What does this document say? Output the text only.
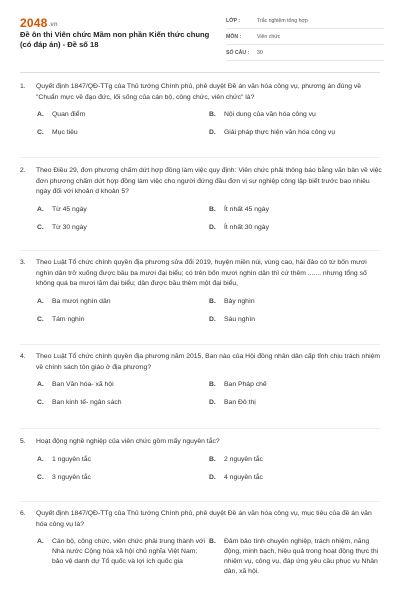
2048.vn
Đề ôn thi Viên chức Mầm non phần Kiến thức chung (có đáp án) - Đề số 18
LỚP :	Trắc nghiệm tổng hợp
MÔN :	Viên chức
SỐ CÂU :	30
1.	Quyết định 1847/QĐ-TTg của Thủ tướng Chính phủ, phê duyệt Đề án văn hóa công vụ, phương án đúng về "Chuẩn mực về đạo đức, lối sống của cán bộ, công chức, viên chức" là?
A.	Quan điểm	B.	Nội dung của văn hóa công vụ
C.	Mục tiêu	D.	Giải pháp thực hiện văn hóa công vụ
2.	Theo Điều 29, đơn phương chấm dứt hợp đồng làm việc quy định: Viên chức phải thông báo bằng văn bản về việc đơn phương chấm dứt hợp đồng làm việc cho người đứng đầu đơn vị sự nghiệp công lập biết trước bao nhiêu ngày đối với khoản d khoản 5?
A.	Từ 45 ngày	B.	Ít nhất 45 ngày
C.	Từ 30 ngày	D.	Ít nhất 30 ngày
3.	Theo Luật Tổ chức chính quyền địa phương sửa đổi 2019, huyện miền núi, vùng cao, hải đảo có từ bốn mươi nghìn dân trở xuống được bầu ba mươi đại biểu; có trên bốn mươi nghìn dân thì cứ thêm ....... nhưng tổng số không quá ba mươi lăm đại biểu; dân được bầu thêm một đại biểu,
A.	Ba mươi nghìn dân	B.	Bảy nghìn
C.	Tám nghìn	D.	Sáu nghìn
4.	Theo Luật Tổ chức chính quyền địa phương năm 2015, Ban nào của Hội đồng nhân dân cấp tỉnh chịu trách nhiệm về chính sách tôn giáo ở địa phương?
A.	Ban Văn hóa- xã hội	B.	Ban Pháp chế
C.	Ban kinh tế- ngân sách	D.	Ban Đô thị
5.	Hoạt động nghề nghiệp của viên chức gồm mấy nguyên tắc?
A.	1 nguyên tắc	B.	2 nguyên tắc
C.	3 nguyên tắc	D.	4 nguyên tắc
6.	Quyết định 1847/QĐ-TTg của Thủ tướng Chính phủ, phê duyệt Đề án văn hóa công vụ, mục tiêu của đề án văn hóa công vụ là?
A.	Cán bộ, công chức, viên chức phải trung thành với Nhà nước Cộng hòa xã hội chủ nghĩa Việt Nam; bảo vệ danh dự Tổ quốc và lợi ích quốc gia
B.	Đảm bảo tính chuyên nghiệp, trách nhiệm, năng động, minh bạch, hiệu quả trong hoạt động thực thi nhiệm vụ, công vụ, đáp ứng yêu cầu phục vụ Nhân dân, xã hội.
